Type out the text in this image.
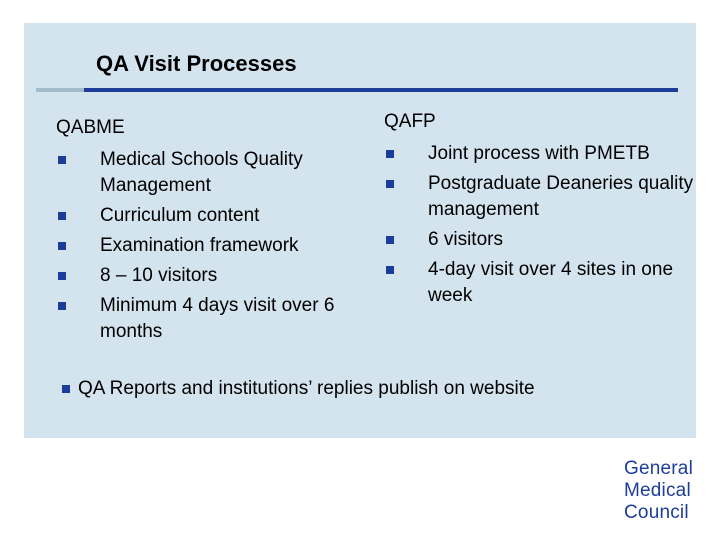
QA Visit Processes
QABME
Medical Schools Quality Management
Curriculum content
Examination framework
8 – 10 visitors
Minimum 4 days visit over 6 months
QAFP
Joint process with PMETB
Postgraduate Deaneries quality management
6 visitors
4-day visit over 4 sites in one week
QA Reports and institutions’ replies publish on website
General
Medical
Council
